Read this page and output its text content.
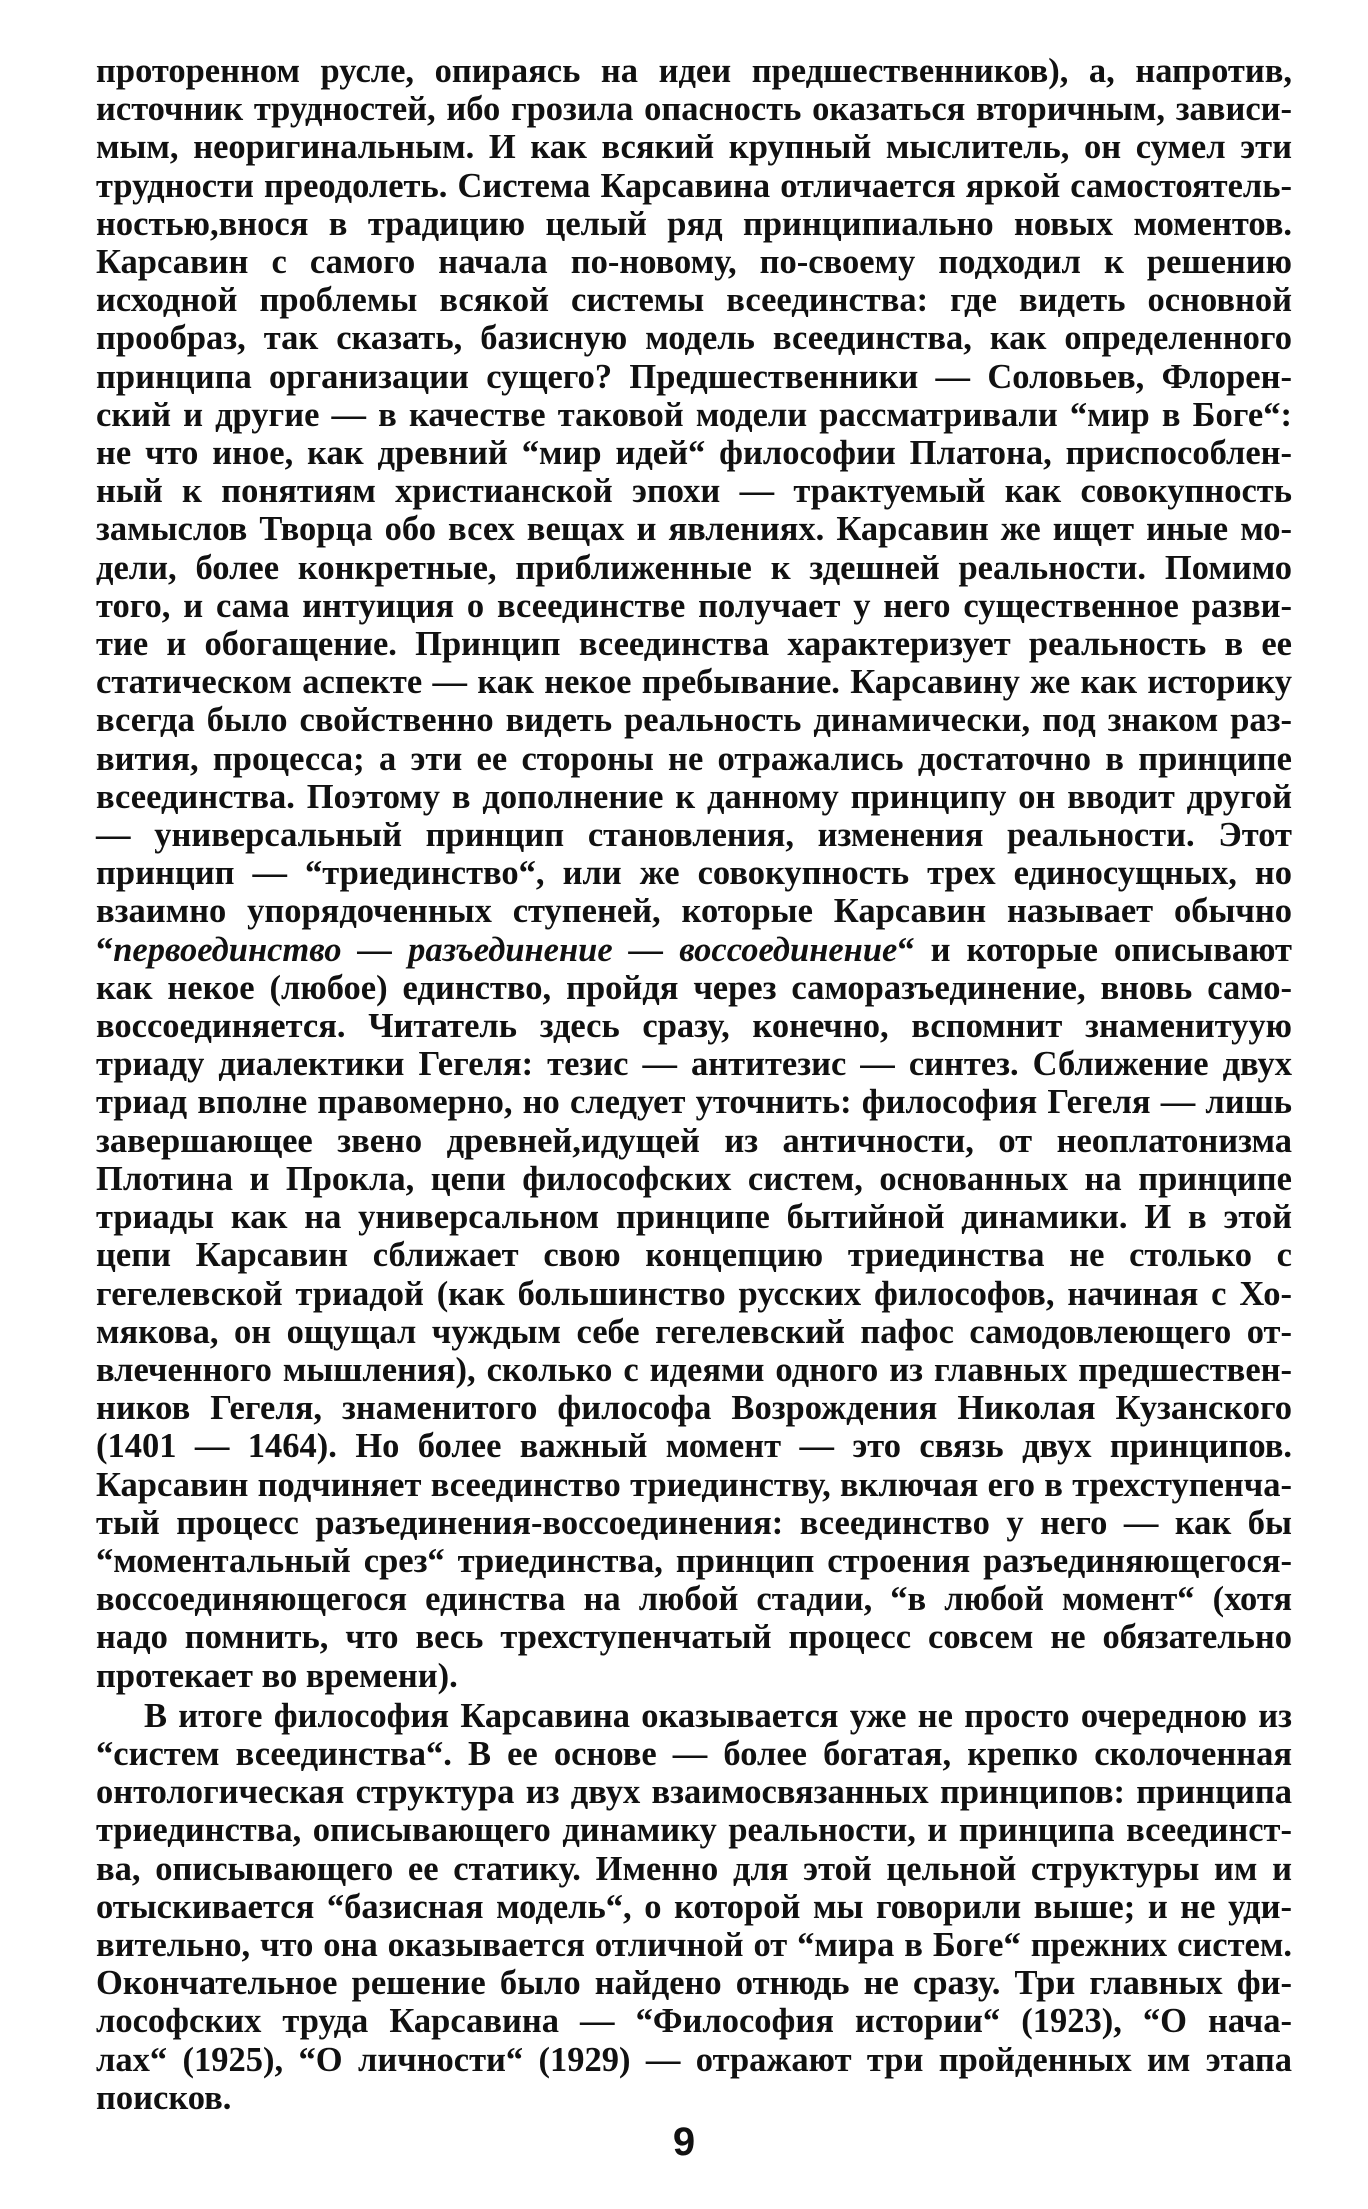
проторенном русле, опираясь на идеи предшественников), а, напротив,
источник трудностей, ибо грозила опасность оказаться вторичным, зависи-
мым, неоригинальным. И как всякий крупный мыслитель, он сумел эти
трудности преодолеть. Система Карсавина отличается яркой самостоятель-
ностью,внося в традицию целый ряд принципиально новых моментов.
Карсавин с самого начала по-новому, по-своему подходил к решению
исходной проблемы всякой системы всеединства: где видеть основной
прообраз, так сказать, базисную модель всеединства, как определенного
принципа организации сущего? Предшественники — Соловьев, Флорен-
ский и другие — в качестве таковой модели рассматривали “мир в Боге“:
не что иное, как древний “мир идей“ философии Платона, приспособлен-
ный к понятиям христианской эпохи — трактуемый как совокупность
замыслов Творца обо всех вещах и явлениях. Карсавин же ищет иные мо-
дели, более конкретные, приближенные к здешней реальности. Помимо
того, и сама интуиция о всеединстве получает у него существенное разви-
тие и обогащение. Принцип всеединства характеризует реальность в ее
статическом аспекте — как некое пребывание. Карсавину же как историку
всегда было свойственно видеть реальность динамически, под знаком раз-
вития, процесса; а эти ее стороны не отражались достаточно в принципе
всеединства. Поэтому в дополнение к данному принципу он вводит другой
— универсальный принцип становления, изменения реальности. Этот
принцип — “триединство“, или же совокупность трех единосущных, но
взаимно упорядоченных ступеней, которые Карсавин называет обычно
“первоединство — разъединение — воссоединение“ и которые описывают
как некое (любое) единство, пройдя через саморазъединение, вновь само-
воссоединяется. Читатель здесь сразу, конечно, вспомнит знаменитуую
триаду диалектики Гегеля: тезис — антитезис — синтез. Сближение двух
триад вполне правомерно, но следует уточнить: философия Гегеля — лишь
завершающее звено древней,идущей из античности, от неоплатонизма
Плотина и Прокла, цепи философских систем, основанных на принципе
триады как на универсальном принципе бытийной динамики. И в этой
цепи Карсавин сближает свою концепцию триединства не столько с
гегелевской триадой (как большинство русских философов, начиная с Хо-
мякова, он ощущал чуждым себе гегелевский пафос самодовлеющего от-
влеченного мышления), сколько с идеями одного из главных предшествен-
ников Гегеля, знаменитого философа Возрождения Николая Кузанского
(1401 — 1464). Но более важный момент — это связь двух принципов.
Карсавин подчиняет всеединство триединству, включая его в трехступенча-
тый процесс разъединения-воссоединения: всеединство у него — как бы
“моментальный срез“ триединства, принцип строения разъединяющегося-
воссоединяющегося единства на любой стадии, “в любой момент“ (хотя
надо помнить, что весь трехступенчатый процесс совсем не обязательно
протекает во времени).
В итоге философия Карсавина оказывается уже не просто очередною из
“систем всеединства“. В ее основе — более богатая, крепко сколоченная
онтологическая структура из двух взаимосвязанных принципов: принципа
триединства, описывающего динамику реальности, и принципа всеединст-
ва, описывающего ее статику. Именно для этой цельной структуры им и
отыскивается “базисная модель“, о которой мы говорили выше; и не уди-
вительно, что она оказывается отличной от “мира в Боге“ прежних систем.
Окончательное решение было найдено отнюдь не сразу. Три главных фи-
лософских труда Карсавина — “Философия истории“ (1923), “О нача-
лах“ (1925), “О личности“ (1929) — отражают три пройденных им этапа
поисков.
9
